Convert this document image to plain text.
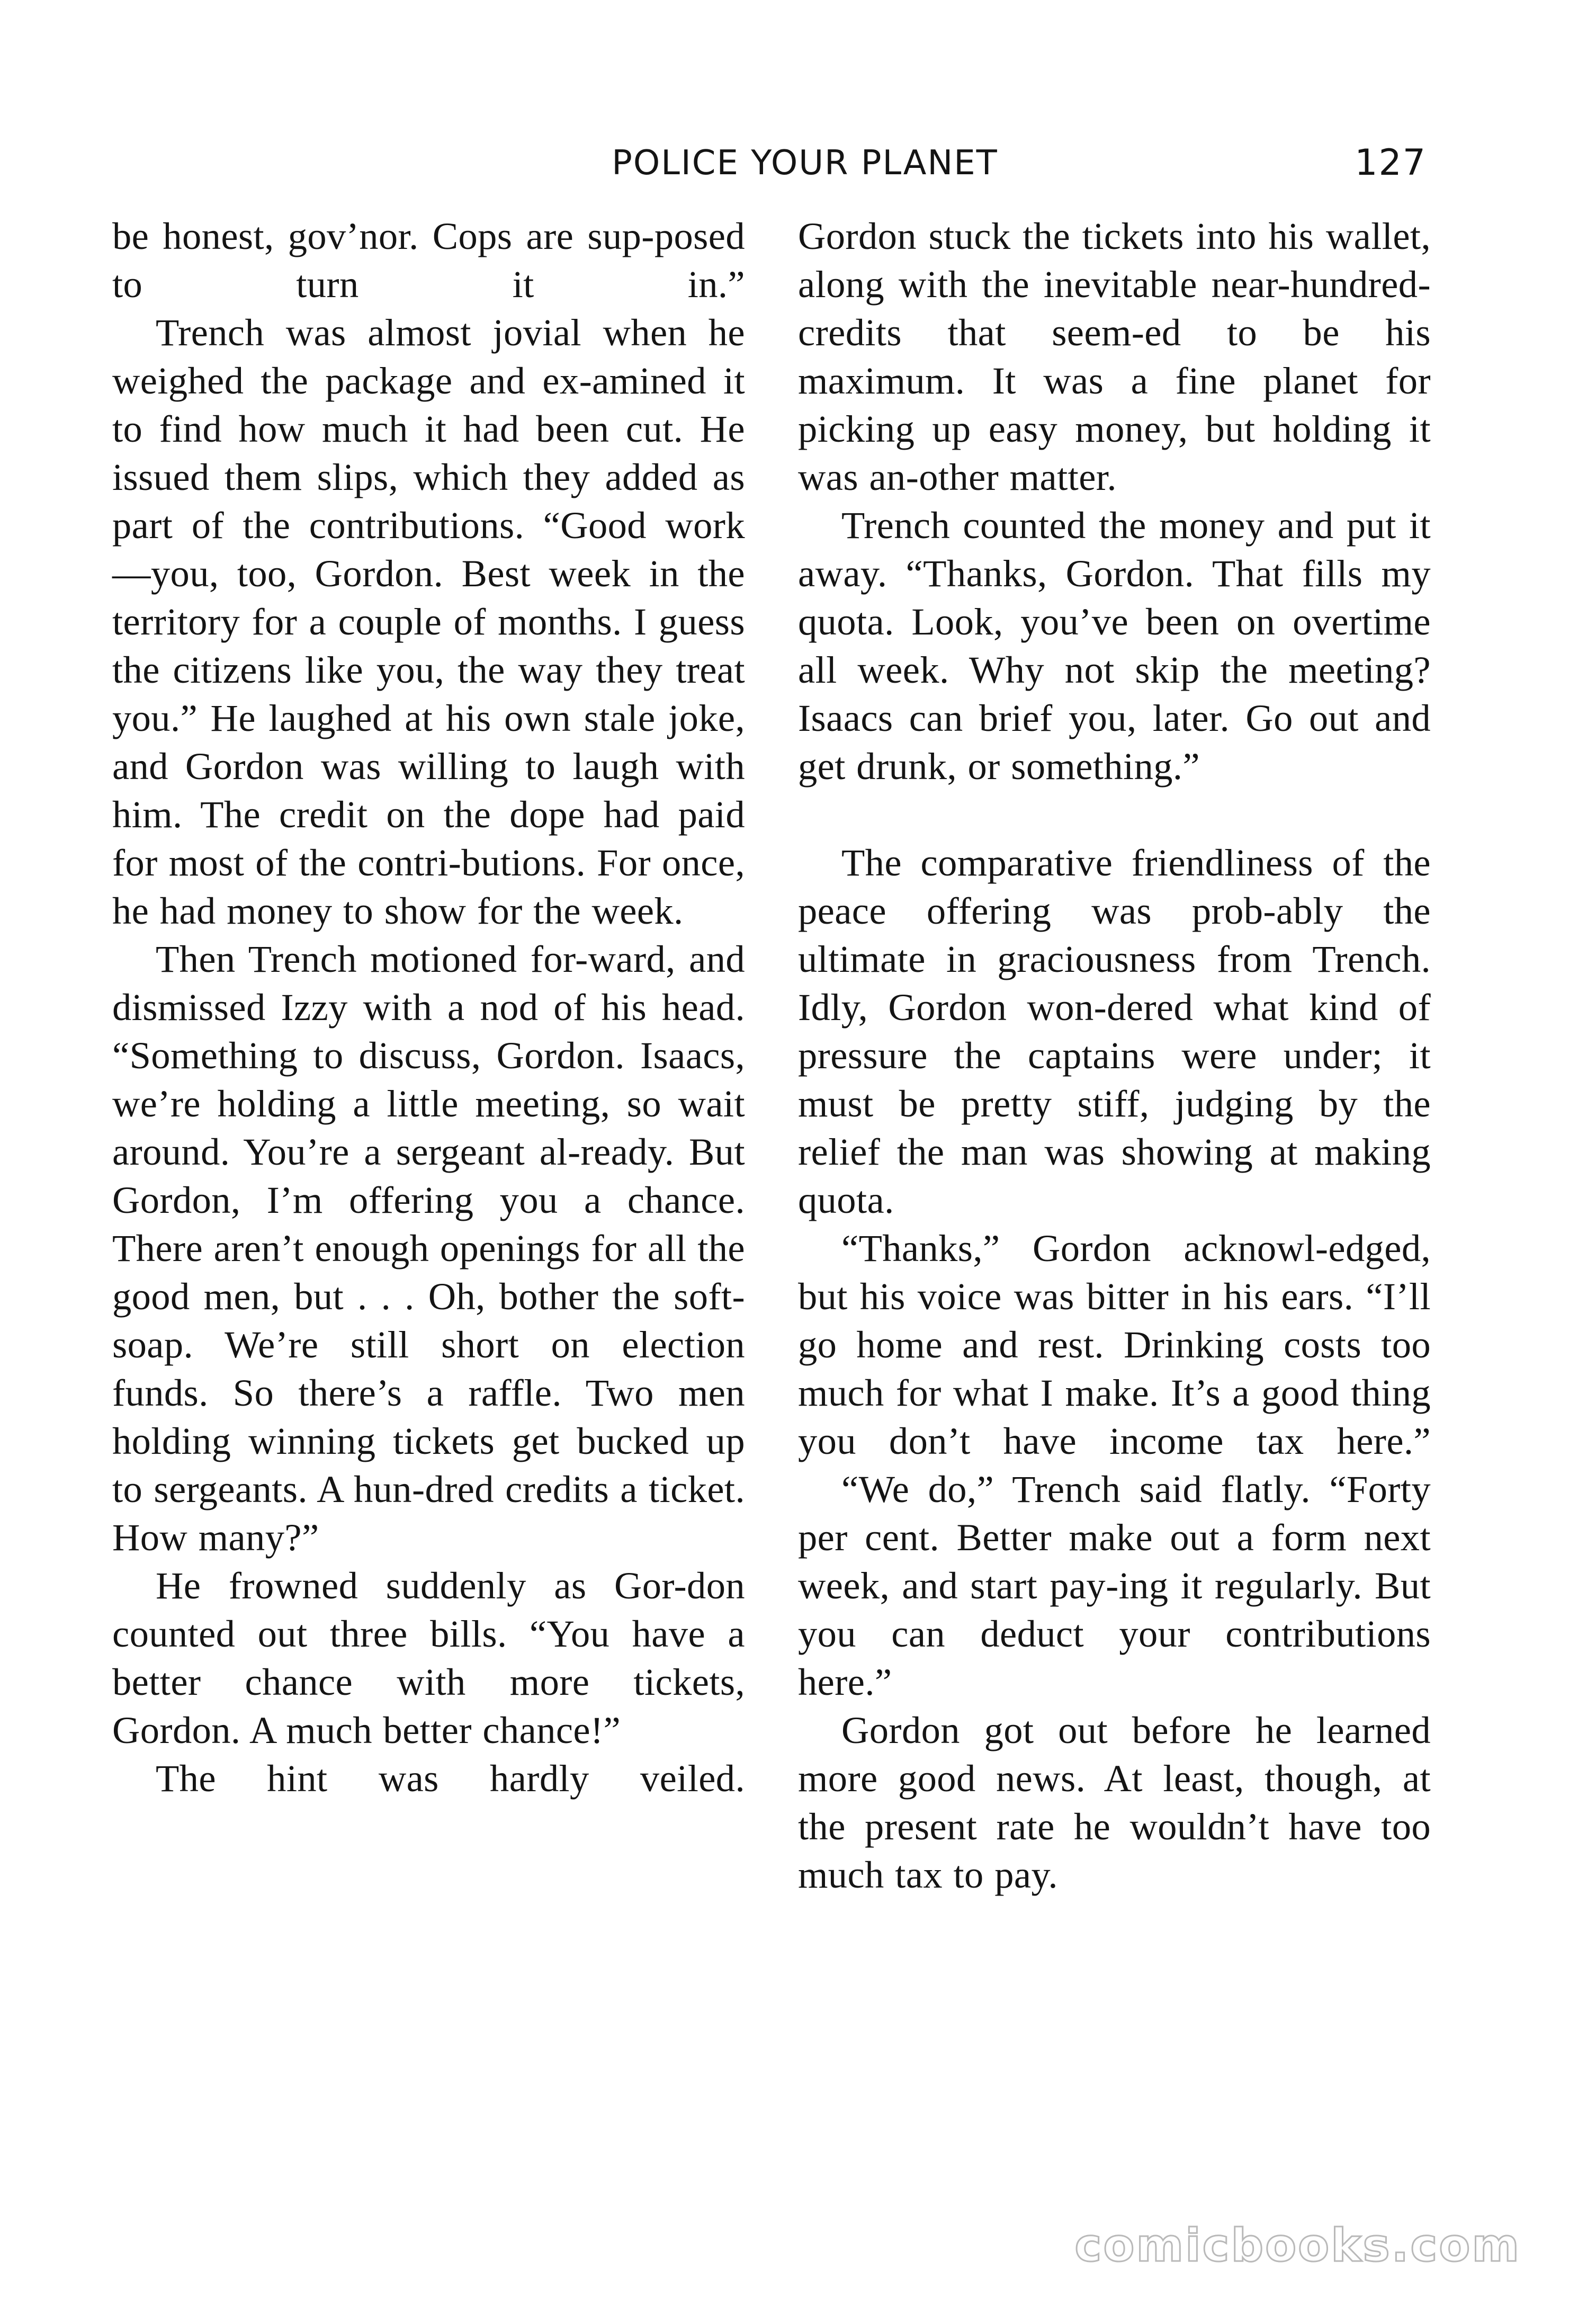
POLICE YOUR PLANET	127

be honest, gov’nor. Cops are sup-posed to turn it in.”

Trench was almost jovial when he weighed the package and ex-amined it to find how much it had been cut. He issued them slips, which they added as part of the contributions. “Good work —you, too, Gordon. Best week in the territory for a couple of months. I guess the citizens like you, the way they treat you.” He laughed at his own stale joke, and Gordon was willing to laugh with him. The credit on the dope had paid for most of the contri-butions. For once, he had money to show for the week.

Then Trench motioned for-ward, and dismissed Izzy with a nod of his head. “Something to discuss, Gordon. Isaacs, we’re holding a little meeting, so wait around. You’re a sergeant al-ready. But Gordon, I’m offering you a chance. There aren’t enough openings for all the good men, but . . . Oh, bother the soft-soap. We’re still short on election funds. So there’s a raffle. Two men holding winning tickets get bucked up to sergeants. A hun-dred credits a ticket. How many?”

He frowned suddenly as Gor-don counted out three bills. “You have a better chance with more tickets, Gordon. A much better chance!”

The hint was hardly veiled.

Gordon stuck the tickets into his wallet, along with the inevitable near-hundred-credits that seem-ed to be his maximum. It was a fine planet for picking up easy money, but holding it was an-other matter.

Trench counted the money and put it away. “Thanks, Gordon. That fills my quota. Look, you’ve been on overtime all week. Why not skip the meeting? Isaacs can brief you, later. Go out and get drunk, or something.”

The comparative friendliness of the peace offering was prob-ably the ultimate in graciousness from Trench. Idly, Gordon won-dered what kind of pressure the captains were under; it must be pretty stiff, judging by the relief the man was showing at making quota.

“Thanks,” Gordon acknowl-edged, but his voice was bitter in his ears. “I’ll go home and rest. Drinking costs too much for what I make. It’s a good thing you don’t have income tax here.”

“We do,” Trench said flatly. “Forty per cent. Better make out a form next week, and start pay-ing it regularly. But you can deduct your contributions here.”

Gordon got out before he learned more good news. At least, though, at the present rate he wouldn’t have too much tax to pay.

comicbooks.com
